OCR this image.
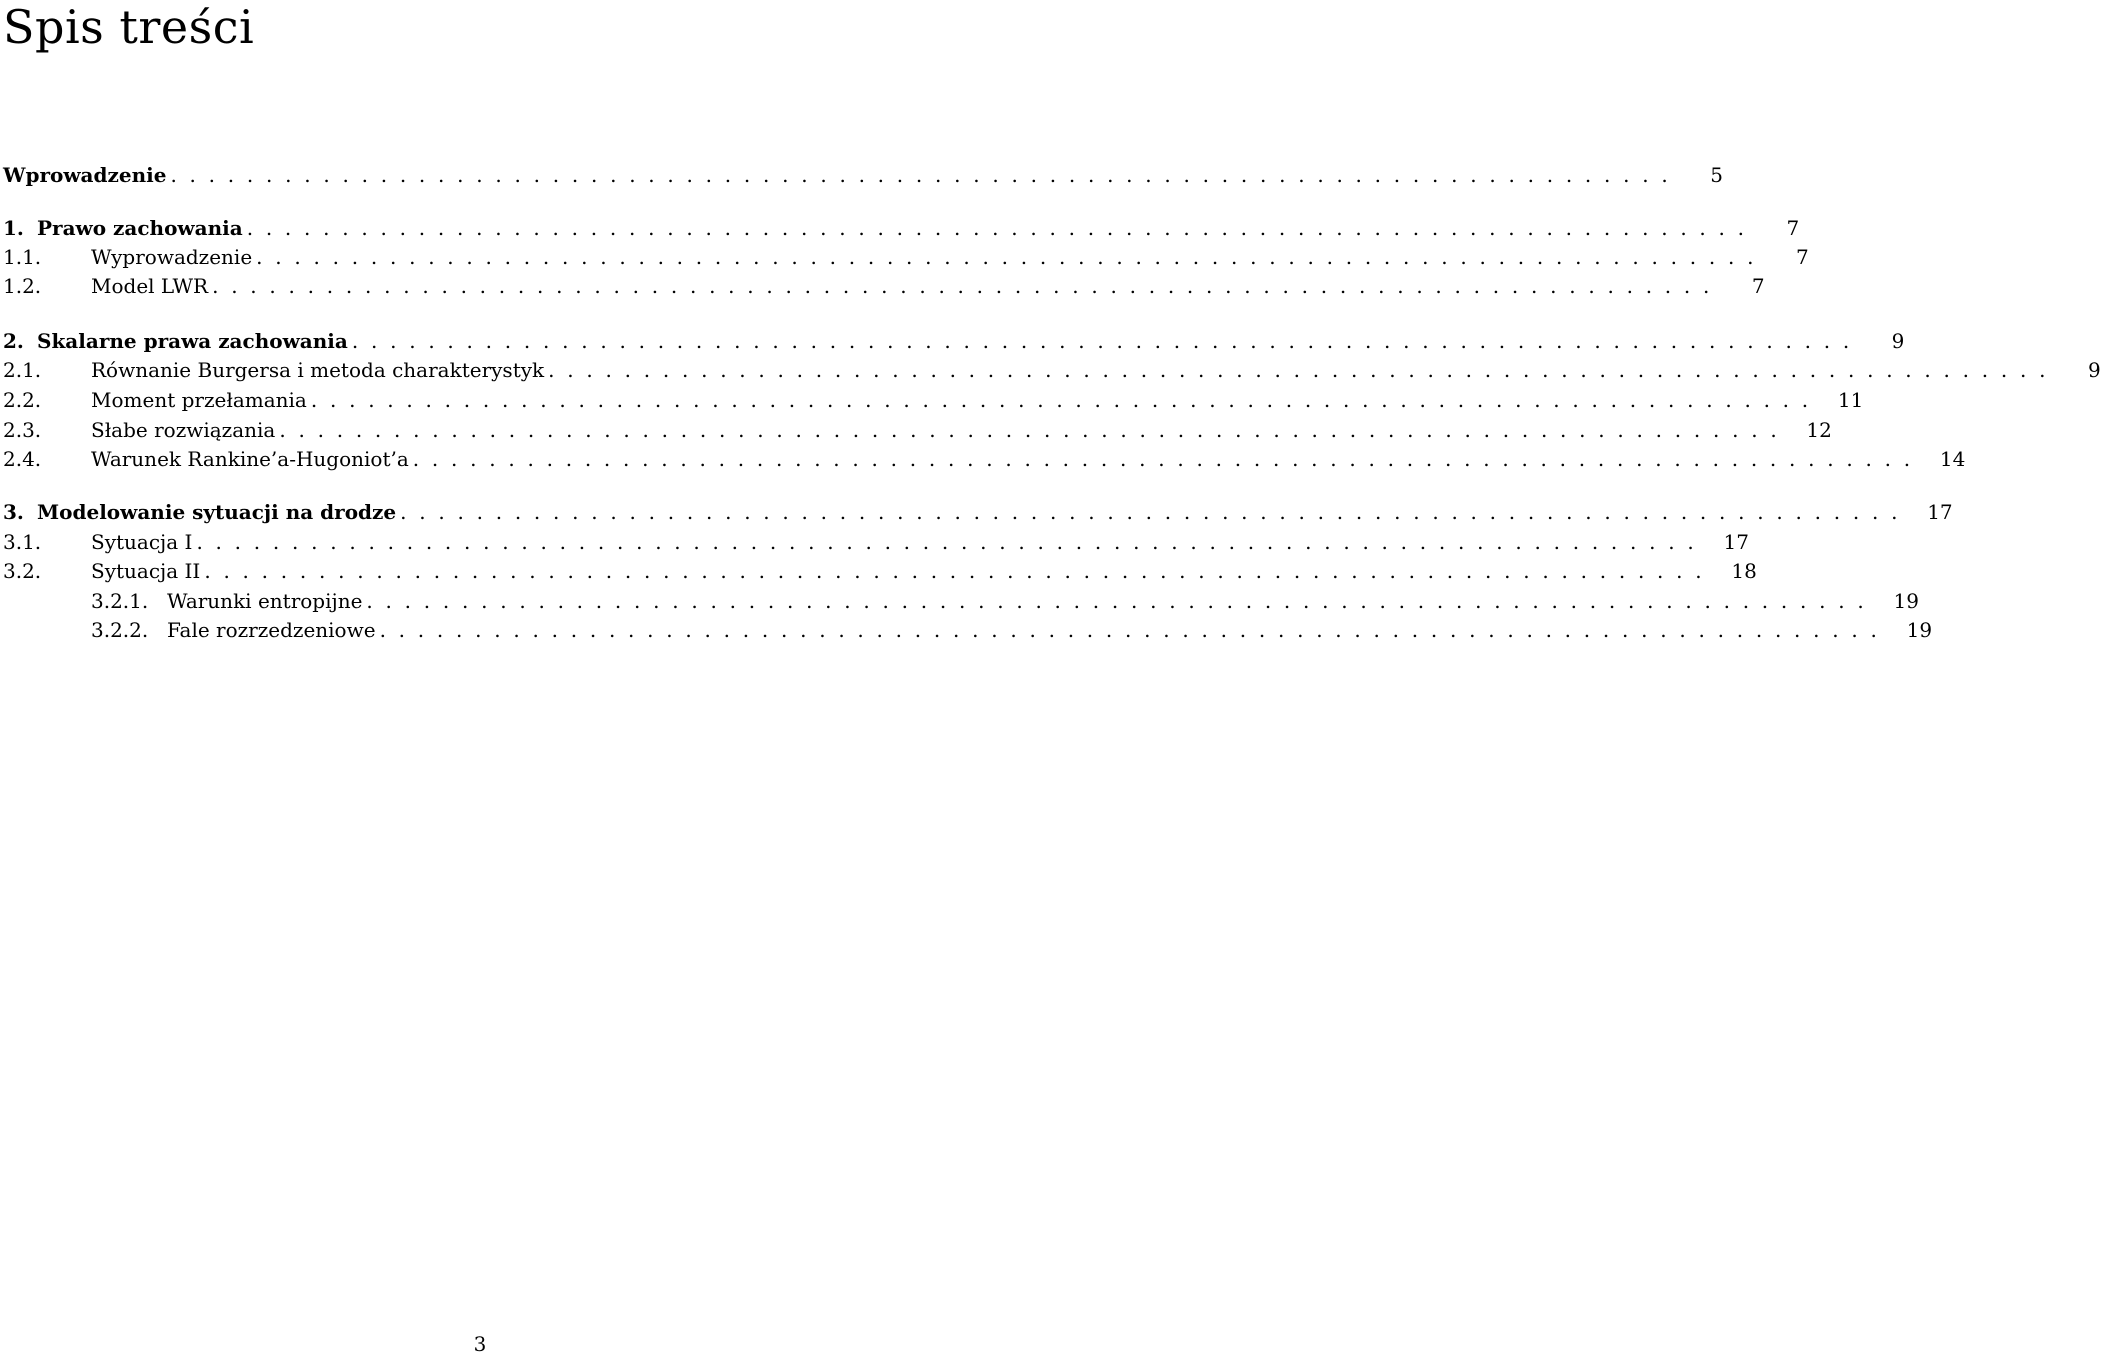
Spis treści
Wprowadzenie . . .	5
1. Prawo zachowania . . .	7
1.1.	Wyprowadzenie . . .	7
1.2.	Model LWR . . .	7
2. Skalarne prawa zachowania . . .	9
2.1.	Równanie Burgersa i metoda charakterystyk . . .	9
2.2.	Moment przełamania . . .	11
2.3.	Słabe rozwiązania . . .	12
2.4.	Warunek Rankine’a-Hugoniot’a . . .	14
3. Modelowanie sytuacji na drodze . . .	17
3.1.	Sytuacja I . . .	17
3.2.	Sytuacja II . . .	18
3.2.1. Warunki entropijne . . .	19
3.2.2. Fale rozrzedzeniowe . . .	19
3
